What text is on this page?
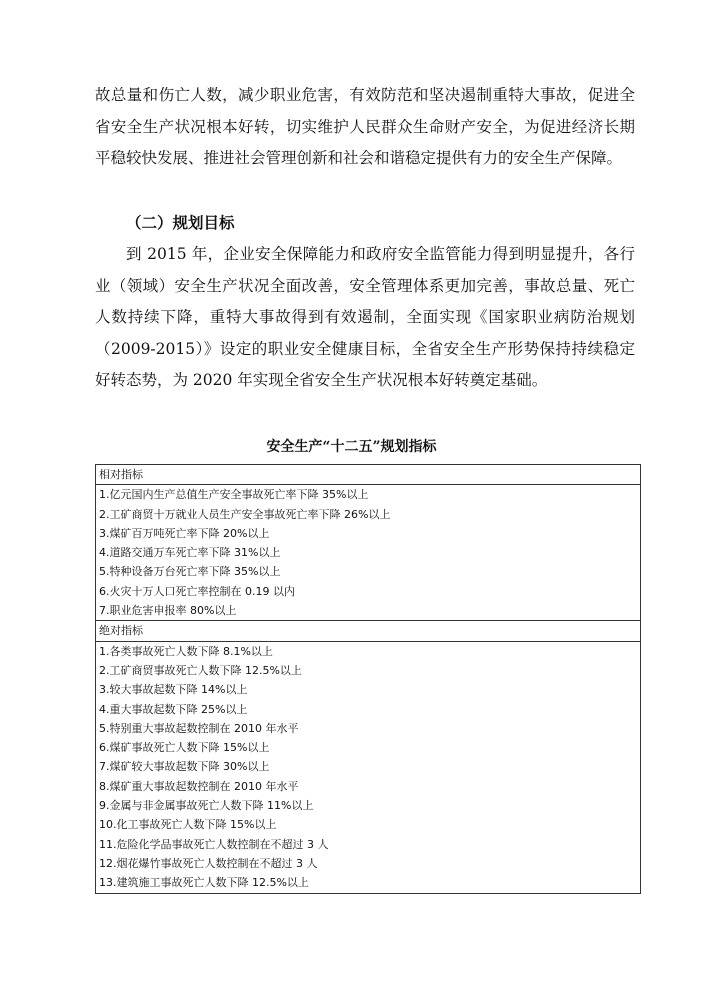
故总量和伤亡人数，减少职业危害，有效防范和坚决遏制重特大事故，促进全省安全生产状况根本好转，切实维护人民群众生命财产安全，为促进经济长期平稳较快发展、推进社会管理创新和社会和谐稳定提供有力的安全生产保障。

（二）规划目标

到 2015 年，企业安全保障能力和政府安全监管能力得到明显提升，各行业（领域）安全生产状况全面改善，安全管理体系更加完善，事故总量、死亡人数持续下降，重特大事故得到有效遏制，全面实现《国家职业病防治规划（2009-2015）》设定的职业安全健康目标，全省安全生产形势保持持续稳定好转态势，为 2020 年实现全省安全生产状况根本好转奠定基础。

安全生产“十二五”规划指标
相对指标
1.亿元国内生产总值生产安全事故死亡率下降 35%以上
2.工矿商贸十万就业人员生产安全事故死亡率下降 26%以上
3.煤矿百万吨死亡率下降 20%以上
4.道路交通万车死亡率下降 31%以上
5.特种设备万台死亡率下降 35%以上
6.火灾十万人口死亡率控制在 0.19 以内
7.职业危害申报率 80%以上
绝对指标
1.各类事故死亡人数下降 8.1%以上
2.工矿商贸事故死亡人数下降 12.5%以上
3.较大事故起数下降 14%以上
4.重大事故起数下降 25%以上
5.特别重大事故起数控制在 2010 年水平
6.煤矿事故死亡人数下降 15%以上
7.煤矿较大事故起数下降 30%以上
8.煤矿重大事故起数控制在 2010 年水平
9.金属与非金属事故死亡人数下降 11%以上
10.化工事故死亡人数下降 15%以上
11.危险化学品事故死亡人数控制在不超过 3 人
12.烟花爆竹事故死亡人数控制在不超过 3 人
13.建筑施工事故死亡人数下降 12.5%以上
